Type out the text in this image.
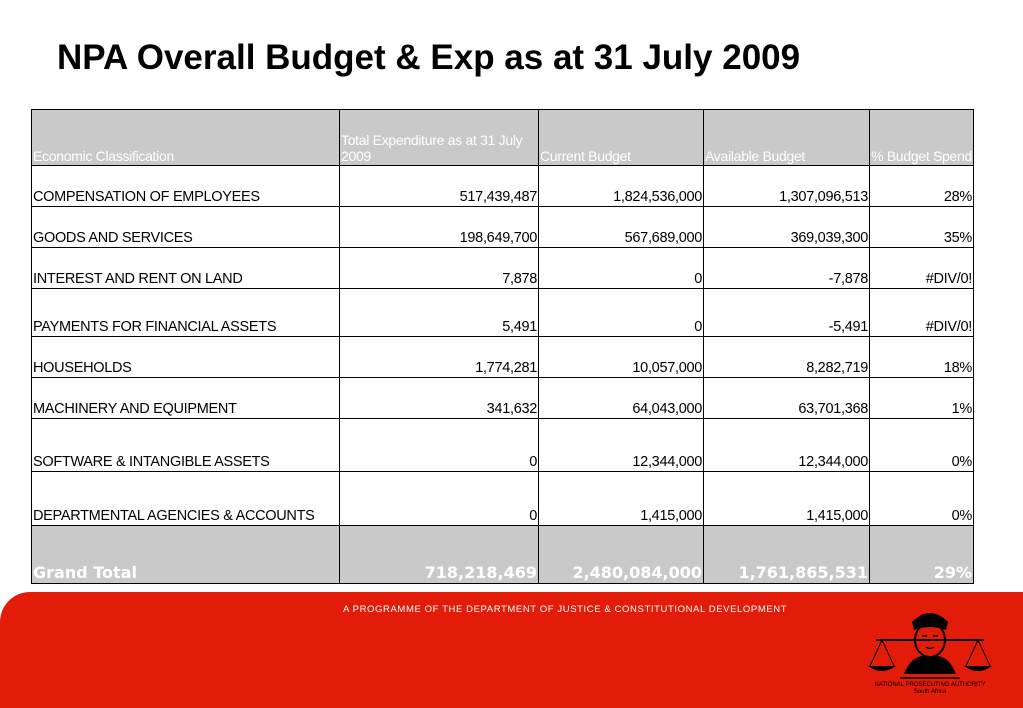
NPA Overall Budget & Exp as at 31 July 2009
Economic Classification	Total Expenditure as at 31 July 2009	Current Budget	Available Budget	% Budget Spend
COMPENSATION OF EMPLOYEES	517,439,487	1,824,536,000	1,307,096,513	28%
GOODS AND SERVICES	198,649,700	567,689,000	369,039,300	35%
INTEREST AND RENT ON LAND	7,878	0	-7,878	#DIV/0!
PAYMENTS FOR FINANCIAL ASSETS	5,491	0	-5,491	#DIV/0!
HOUSEHOLDS	1,774,281	10,057,000	8,282,719	18%
MACHINERY AND EQUIPMENT	341,632	64,043,000	63,701,368	1%
SOFTWARE & INTANGIBLE ASSETS	0	12,344,000	12,344,000	0%
DEPARTMENTAL AGENCIES & ACCOUNTS	0	1,415,000	1,415,000	0%
Grand Total	718,218,469	2,480,084,000	1,761,865,531	29%
A PROGRAMME OF THE DEPARTMENT OF JUSTICE & CONSTITUTIONAL DEVELOPMENT
NATIONAL PROSECUTING AUTHORITY
South Africa
